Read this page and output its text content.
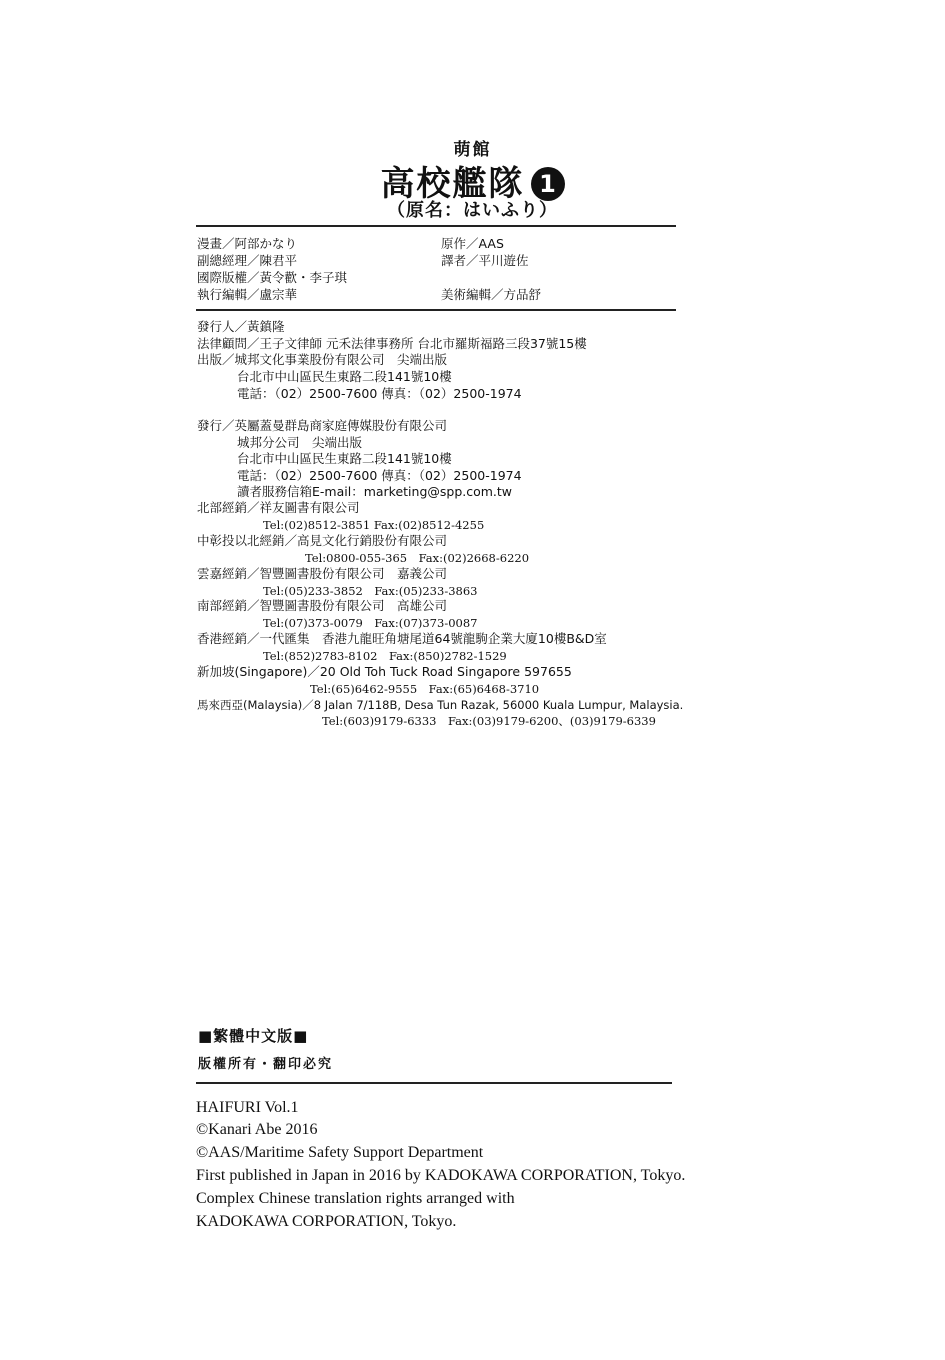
萌館
高校艦隊 1
（原名：はいふり）
漫畫／阿部かなり	原作／AAS
副總經理／陳君平	譯者／平川遊佐
國際版權／黃令歡・李子琪
執行編輯／盧宗華	美術編輯／方品舒
發行人／黃鎮隆
法律顧問／王子文律師 元禾法律事務所 台北市羅斯福路三段37號15樓
出版／城邦文化事業股份有限公司　尖端出版
台北市中山區民生東路二段141號10樓
電話：（02）2500-7600 傳真：（02）2500-1974
發行／英屬蓋曼群島商家庭傳媒股份有限公司
城邦分公司　尖端出版
台北市中山區民生東路二段141號10樓
電話：（02）2500-7600 傳真：（02）2500-1974
讀者服務信箱E-mail：marketing@spp.com.tw
北部經銷／祥友圖書有限公司
Tel:(02)8512-3851 Fax:(02)8512-4255
中彰投以北經銷／高見文化行銷股份有限公司
Tel:0800-055-365　Fax:(02)2668-6220
雲嘉經銷／智豐圖書股份有限公司　嘉義公司
Tel:(05)233-3852　Fax:(05)233-3863
南部經銷／智豐圖書股份有限公司　高雄公司
Tel:(07)373-0079　Fax:(07)373-0087
香港經銷／一代匯集　香港九龍旺角塘尾道64號龍駒企業大廈10樓B&D室
Tel:(852)2783-8102　Fax:(850)2782-1529
新加坡(Singapore)／20 Old Toh Tuck Road Singapore 597655
Tel:(65)6462-9555　Fax:(65)6468-3710
馬來西亞(Malaysia)／8 Jalan 7/118B, Desa Tun Razak, 56000 Kuala Lumpur, Malaysia.
Tel:(603)9179-6333　Fax:(03)9179-6200、(03)9179-6339
■繁體中文版■
版權所有・翻印必究
HAIFURI Vol.1
©Kanari Abe 2016
©AAS/Maritime Safety Support Department
First published in Japan in 2016 by KADOKAWA CORPORATION, Tokyo.
Complex Chinese translation rights arranged with
KADOKAWA CORPORATION, Tokyo.
